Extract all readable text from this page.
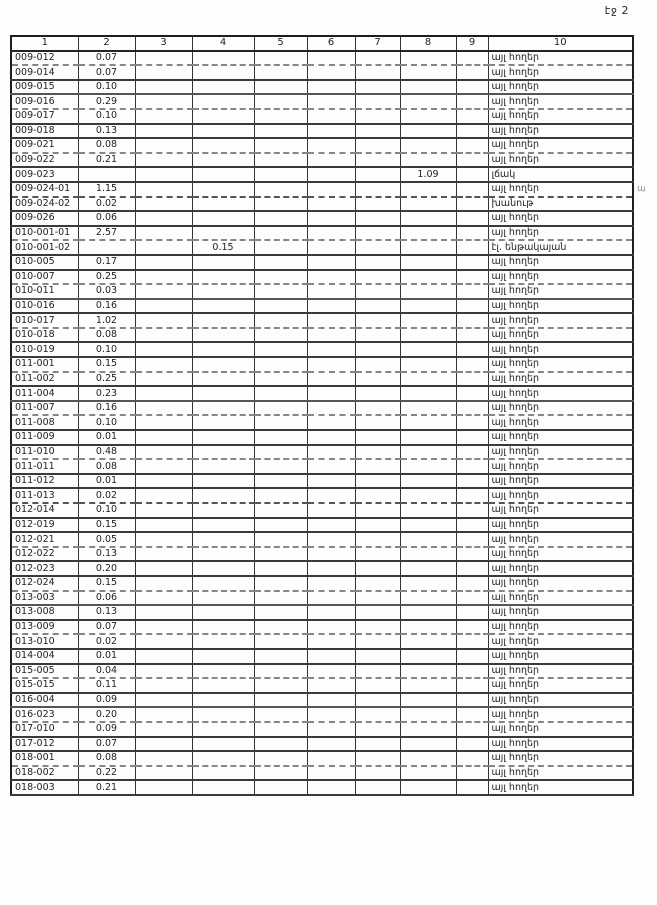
էջ 2
1	2	3	4	5	6	7	8	9	10
009-012	0.07								այլ հողեր
009-014	0.07								այլ հողեր
009-015	0.10								այլ հողեր
009-016	0.29								այլ հողեր
009-017	0.10								այլ հողեր
009-018	0.13								այլ հողեր
009-021	0.08								այլ հողեր
009-022	0.21								այլ հողեր
009-023							1.09		լճակ
009-024-01	1.15								այլ հողեր
009-024-02	0.02								խանութ
009-026	0.06								այլ հողեր
010-001-01	2.57								այլ հողեր
010-001-02			0.15						էլ. ենթակայան
010-005	0.17								այլ հողեր
010-007	0.25								այլ հողեր
010-011	0.03								այլ հողեր
010-016	0.16								այլ հողեր
010-017	1.02								այլ հողեր
010-018	0.08								այլ հողեր
010-019	0.10								այլ հողեր
011-001	0.15								այլ հողեր
011-002	0.25								այլ հողեր
011-004	0.23								այլ հողեր
011-007	0.16								այլ հողեր
011-008	0.10								այլ հողեր
011-009	0.01								այլ հողեր
011-010	0.48								այլ հողեր
011-011	0.08								այլ հողեր
011-012	0.01								այլ հողեր
011-013	0.02								այլ հողեր
012-014	0.10								այլ հողեր
012-019	0.15								այլ հողեր
012-021	0.05								այլ հողեր
012-022	0.13								այլ հողեր
012-023	0.20								այլ հողեր
012-024	0.15								այլ հողեր
013-003	0.06								այլ հողեր
013-008	0.13								այլ հողեր
013-009	0.07								այլ հողեր
013-010	0.02								այլ հողեր
014-004	0.01								այլ հողեր
015-005	0.04								այլ հողեր
015-015	0.11								այլ հողեր
016-004	0.09								այլ հողեր
016-023	0.20								այլ հողեր
017-010	0.09								այլ հողեր
017-012	0.07								այլ հողեր
018-001	0.08								այլ հողեր
018-002	0.22								այլ հողեր
018-003	0.21								այլ հողեր
ա
